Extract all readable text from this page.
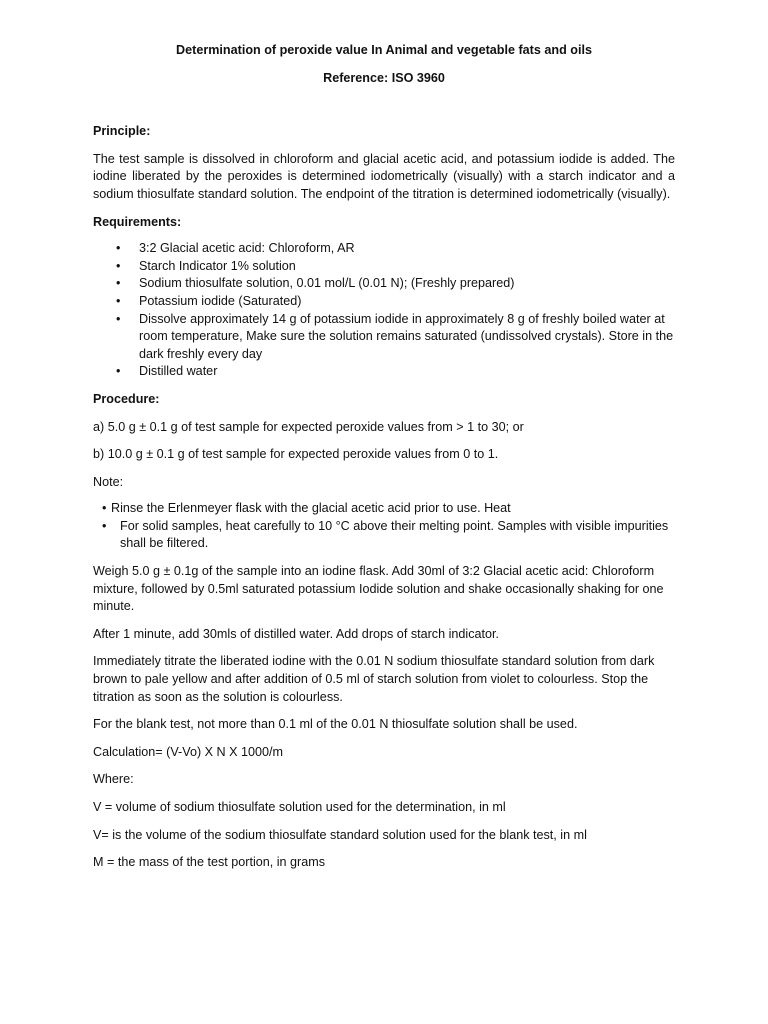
Determination of peroxide value In Animal and vegetable fats and oils

Reference: ISO 3960

Principle:

The test sample is dissolved in chloroform and glacial acetic acid, and potassium iodide is added. The iodine liberated by the peroxides is determined iodometrically (visually) with a starch indicator and a sodium thiosulfate standard solution. The endpoint of the titration is determined iodometrically (visually).

Requirements:

• 3:2 Glacial acetic acid: Chloroform, AR
• Starch Indicator 1% solution
• Sodium thiosulfate solution, 0.01 mol/L (0.01 N); (Freshly prepared)
• Potassium iodide (Saturated)
• Dissolve approximately 14 g of potassium iodide in approximately 8 g of freshly boiled water at room temperature, Make sure the solution remains saturated (undissolved crystals). Store in the dark freshly every day
• Distilled water

Procedure:

a) 5.0 g ± 0.1 g of test sample for expected peroxide values from > 1 to 30; or

b) 10.0 g ± 0.1 g of test sample for expected peroxide values from 0 to 1.

Note:

• Rinse the Erlenmeyer flask with the glacial acetic acid prior to use. Heat
• For solid samples, heat carefully to 10 °C above their melting point. Samples with visible impurities shall be filtered.

Weigh 5.0 g ± 0.1g of the sample into an iodine flask. Add 30ml of 3:2 Glacial acetic acid: Chloroform mixture, followed by 0.5ml saturated potassium Iodide solution and shake occasionally shaking for one minute.

After 1 minute, add 30mls of distilled water. Add drops of starch indicator.

Immediately titrate the liberated iodine with the 0.01 N sodium thiosulfate standard solution from dark brown to pale yellow and after addition of 0.5 ml of starch solution from violet to colourless. Stop the titration as soon as the solution is colourless.

For the blank test, not more than 0.1 ml of the 0.01 N thiosulfate solution shall be used.

Calculation= (V-Vo) X N X 1000/m

Where:

V = volume of sodium thiosulfate solution used for the determination, in ml

V= is the volume of the sodium thiosulfate standard solution used for the blank test, in ml

M = the mass of the test portion, in grams
